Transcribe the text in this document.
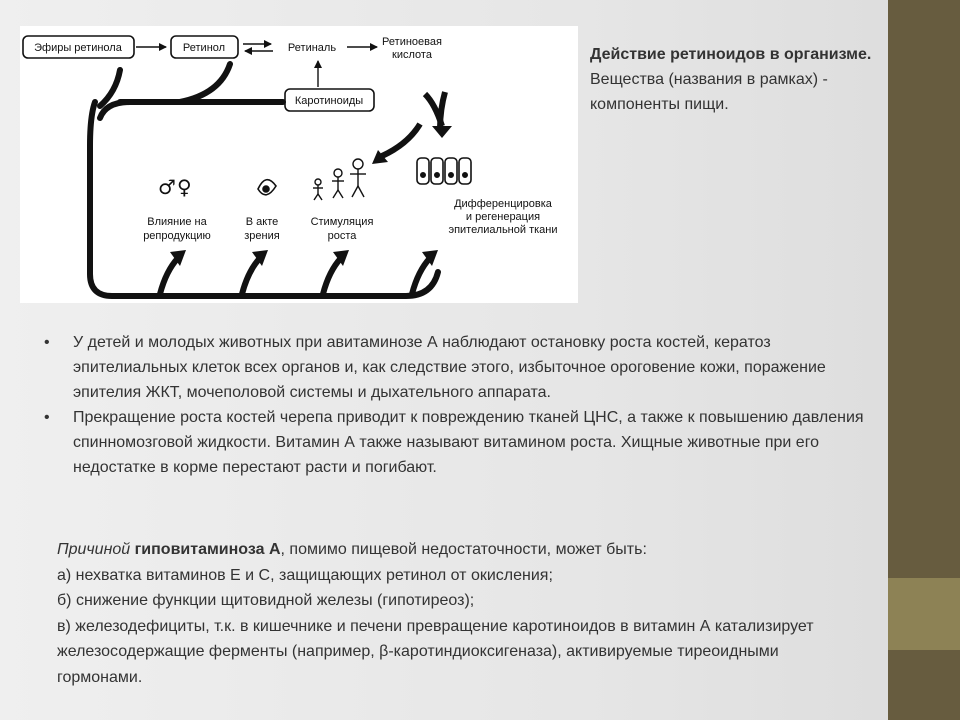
Эфиры ретинола	Ретинол	Ретиналь	Ретиноевая
кислота
Каротиноиды
♂ ♀
Влияние на
репродукцию
В акте
зрения
Стимуляция
роста
Дифференцировка
и регенерация
эпителиальной ткани
Действие ретиноидов в организме. Вещества (названия в рамках) - компоненты пищи.
• У детей и молодых животных при авитаминозе А наблюдают остановку роста костей, кератоз эпителиальных клеток всех органов и, как следствие этого, избыточное ороговение кожи, поражение эпителия ЖКТ, мочеполовой системы и дыхательного аппарата.
• Прекращение роста костей черепа приводит к повреждению тканей ЦНС, а также к повышению давления спинномозговой жидкости. Витамин А также называют витамином роста. Хищные животные при его недостатке в корме перестают расти и погибают.
Причиной гиповитаминоза А, помимо пищевой недостаточности, может быть:
а) нехватка витаминов Е и С, защищающих ретинол от окисления;
б) снижение функции щитовидной железы (гипотиреоз);
в) железодефициты, т.к. в кишечнике и печени превращение каротиноидов в витамин А катализирует железосодержащие ферменты (например, β-каротиндиоксигеназа), активируемые тиреоидными гормонами.
